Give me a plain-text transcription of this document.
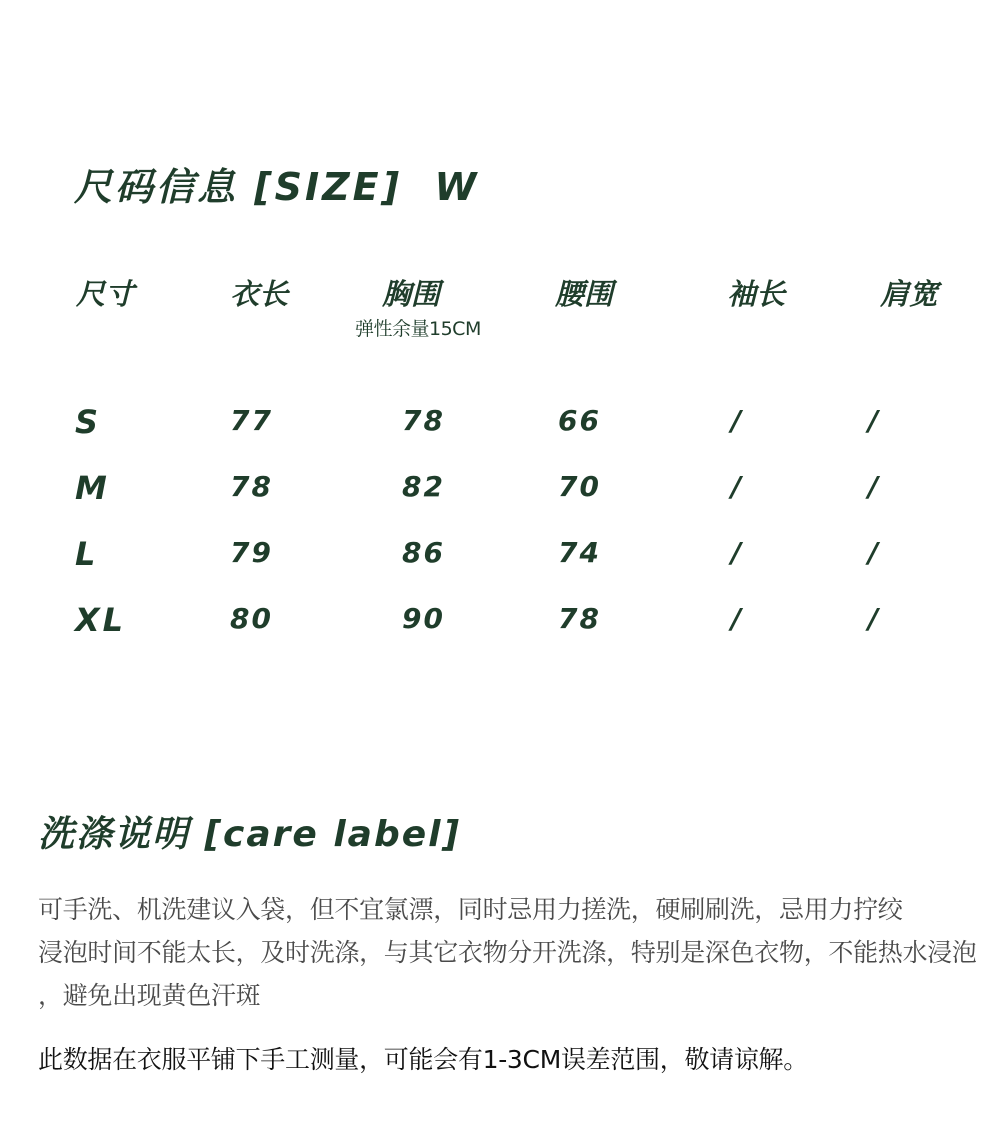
尺码信息 [SIZE]  W
尺寸	衣长	胸围	腰围	袖长	肩宽
弹性余量15CM
S	77	78	66	/	/
M	78	82	70	/	/
L	79	86	74	/	/
XL	80	90	78	/	/
洗涤说明 [care label]
可手洗、机洗建议入袋，但不宜氯漂，同时忌用力搓洗，硬刷刷洗，忌用力拧绞
浸泡时间不能太长，及时洗涤，与其它衣物分开洗涤，特别是深色衣物，不能热水浸泡
，避免出现黄色汗斑
此数据在衣服平铺下手工测量，可能会有1-3CM误差范围，敬请谅解。
